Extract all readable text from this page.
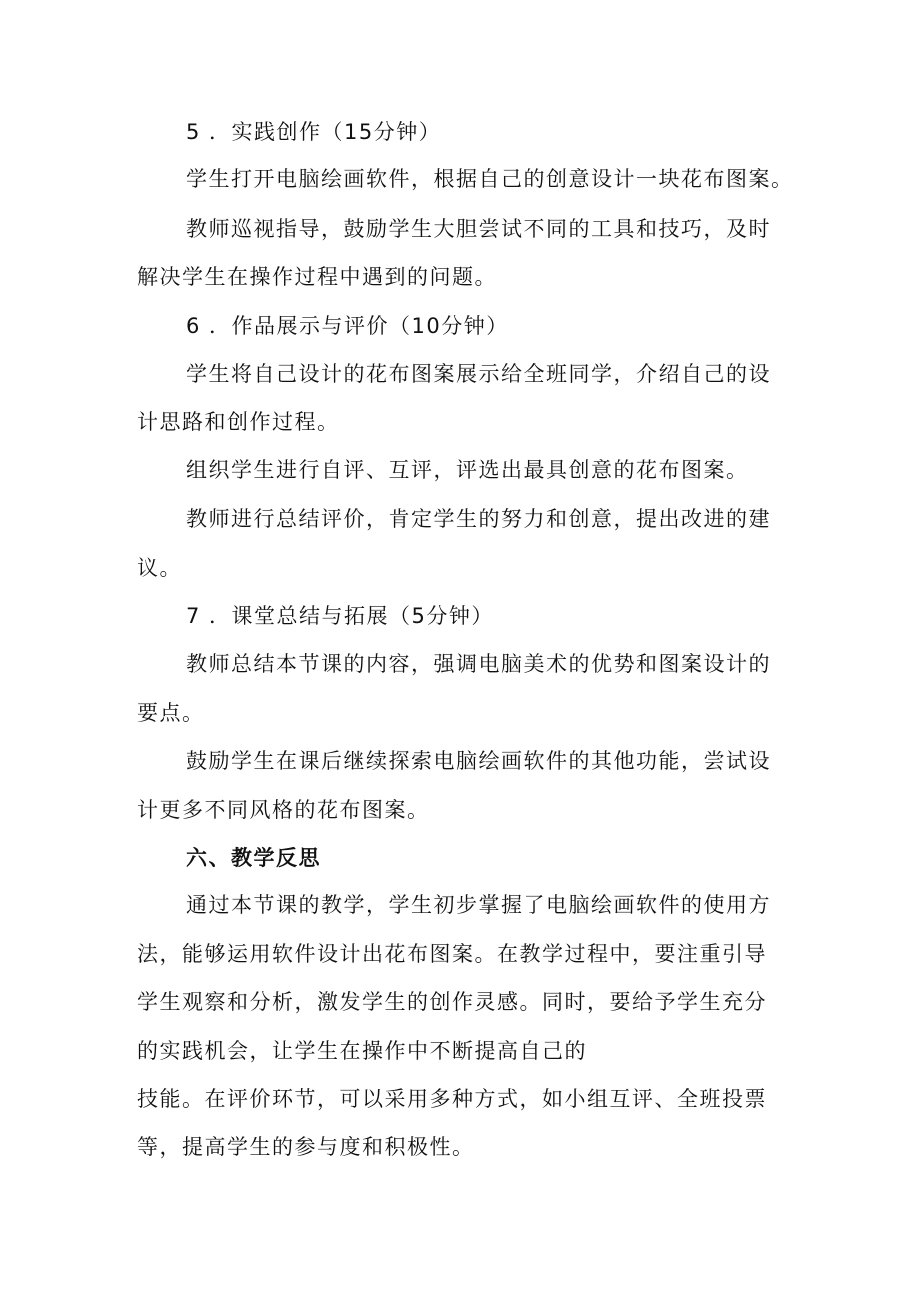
5 ．实践创作（15分钟）
学生打开电脑绘画软件，根据自己的创意设计一块花布图案。
教师巡视指导，鼓励学生大胆尝试不同的工具和技巧，及时
解决学生在操作过程中遇到的问题。
6 ．作品展示与评价（10分钟）
学生将自己设计的花布图案展示给全班同学，介绍自己的设
计思路和创作过程。
组织学生进行自评、互评，评选出最具创意的花布图案。
教师进行总结评价，肯定学生的努力和创意，提出改进的建
议。
7 ．课堂总结与拓展（5分钟）
教师总结本节课的内容，强调电脑美术的优势和图案设计的
要点。
鼓励学生在课后继续探索电脑绘画软件的其他功能，尝试设
计更多不同风格的花布图案。
六、教学反思
通过本节课的教学，学生初步掌握了电脑绘画软件的使用方
法，能够运用软件设计出花布图案。在教学过程中，要注重引导
学生观察和分析，激发学生的创作灵感。同时，要给予学生充分
的实践机会，让学生在操作中不断提高自己的
技能。在评价环节，可以采用多种方式，如小组互评、全班投票
等，提高学生的参与度和积极性。
